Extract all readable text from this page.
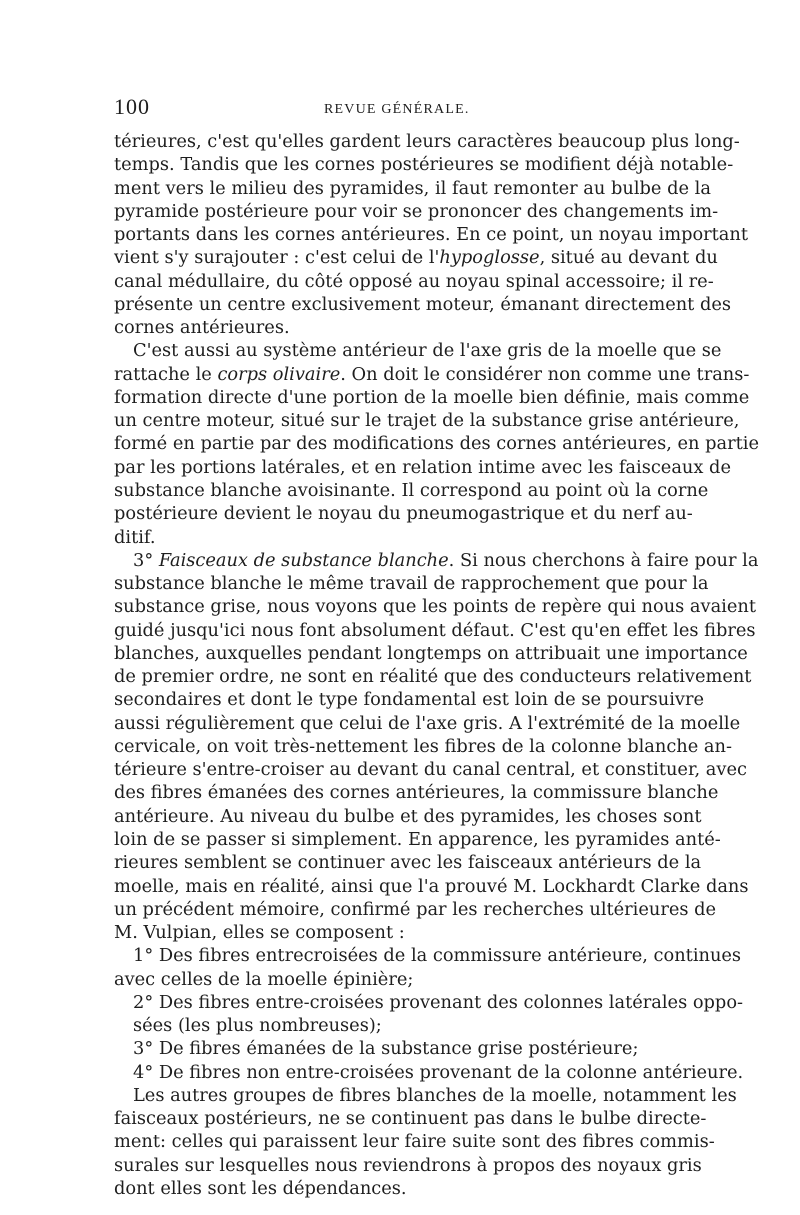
100	REVUE GÉNÉRALE.
térieures, c'est qu'elles gardent leurs caractères beaucoup plus long-
temps. Tandis que les cornes postérieures se modifient déjà notable-
ment vers le milieu des pyramides, il faut remonter au bulbe de la
pyramide postérieure pour voir se prononcer des changements im-
portants dans les cornes antérieures. En ce point, un noyau important
vient s'y surajouter : c'est celui de l'hypoglosse, situé au devant du
canal médullaire, du côté opposé au noyau spinal accessoire; il re-
présente un centre exclusivement moteur, émanant directement des
cornes antérieures.
C'est aussi au système antérieur de l'axe gris de la moelle que se
rattache le corps olivaire. On doit le considérer non comme une trans-
formation directe d'une portion de la moelle bien définie, mais comme
un centre moteur, situé sur le trajet de la substance grise antérieure,
formé en partie par des modifications des cornes antérieures, en partie
par les portions latérales, et en relation intime avec les faisceaux de
substance blanche avoisinante. Il correspond au point où la corne
postérieure devient le noyau du pneumogastrique et du nerf au-
ditif.
3° Faisceaux de substance blanche. Si nous cherchons à faire pour la
substance blanche le même travail de rapprochement que pour la
substance grise, nous voyons que les points de repère qui nous avaient
guidé jusqu'ici nous font absolument défaut. C'est qu'en effet les fibres
blanches, auxquelles pendant longtemps on attribuait une importance
de premier ordre, ne sont en réalité que des conducteurs relativement
secondaires et dont le type fondamental est loin de se poursuivre
aussi régulièrement que celui de l'axe gris. A l'extrémité de la moelle
cervicale, on voit très-nettement les fibres de la colonne blanche an-
térieure s'entre-croiser au devant du canal central, et constituer, avec
des fibres émanées des cornes antérieures, la commissure blanche
antérieure. Au niveau du bulbe et des pyramides, les choses sont
loin de se passer si simplement. En apparence, les pyramides anté-
rieures semblent se continuer avec les faisceaux antérieurs de la
moelle, mais en réalité, ainsi que l'a prouvé M. Lockhardt Clarke dans
un précédent mémoire, confirmé par les recherches ultérieures de
M. Vulpian, elles se composent :
1° Des fibres entrecroisées de la commissure antérieure, continues
avec celles de la moelle épinière;
2° Des fibres entre-croisées provenant des colonnes latérales oppo-
sées (les plus nombreuses);
3° De fibres émanées de la substance grise postérieure;
4° De fibres non entre-croisées provenant de la colonne antérieure.
Les autres groupes de fibres blanches de la moelle, notamment les
faisceaux postérieurs, ne se continuent pas dans le bulbe directe-
ment: celles qui paraissent leur faire suite sont des fibres commis-
surales sur lesquelles nous reviendrons à propos des noyaux gris
dont elles sont les dépendances.
